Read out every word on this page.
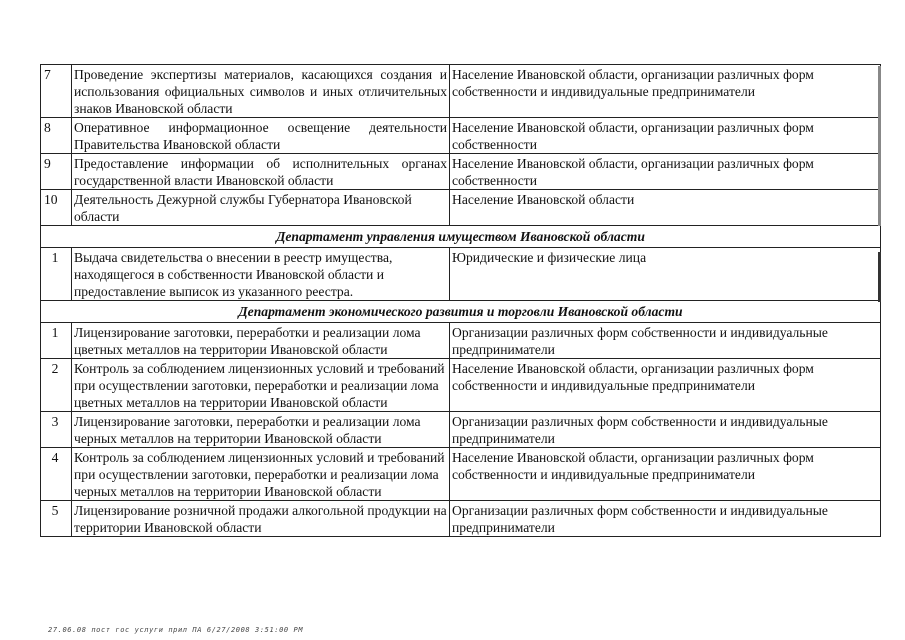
7	Проведение экспертизы материалов, касающихся создания и использования официальных символов и иных отличительных знаков Ивановской области	Население Ивановской области, организации различных форм собственности и индивидуальные предприниматели
8	Оперативное информационное освещение деятельности Правительства Ивановской области	Население Ивановской области, организации различных форм собственности
9	Предоставление информации об исполнительных органах государственной власти Ивановской области	Население Ивановской области, организации различных форм собственности
10	Деятельность Дежурной службы Губернатора Ивановской области	Население Ивановской области
Департамент управления имуществом Ивановской области		
1	Выдача свидетельства о внесении в реестр имущества, находящегося в собственности Ивановской области и предоставление выписок из указанного реестра.	Юридические и физические лица
Департамент экономического развития и торговли Ивановской области		
1	Лицензирование заготовки, переработки и реализации лома цветных металлов на территории Ивановской области	Организации различных форм собственности и индивидуальные предприниматели
2	Контроль за соблюдением лицензионных условий и требований при осуществлении заготовки, переработки и реализации лома цветных металлов на территории Ивановской области	Население Ивановской области, организации различных форм собственности и индивидуальные предприниматели
3	Лицензирование заготовки, переработки и реализации лома черных металлов на территории Ивановской области	Организации различных форм собственности и индивидуальные предприниматели
4	Контроль за соблюдением лицензионных условий и требований при осуществлении заготовки, переработки и реализации лома черных металлов на территории Ивановской области	Население Ивановской области, организации различных форм собственности и индивидуальные предприниматели
5	Лицензирование розничной продажи алкогольной продукции на территории Ивановской области	Организации различных форм собственности и индивидуальные предприниматели
27.06.08 пост гос услуги прил ПА 6/27/2008 3:51:00 PM
